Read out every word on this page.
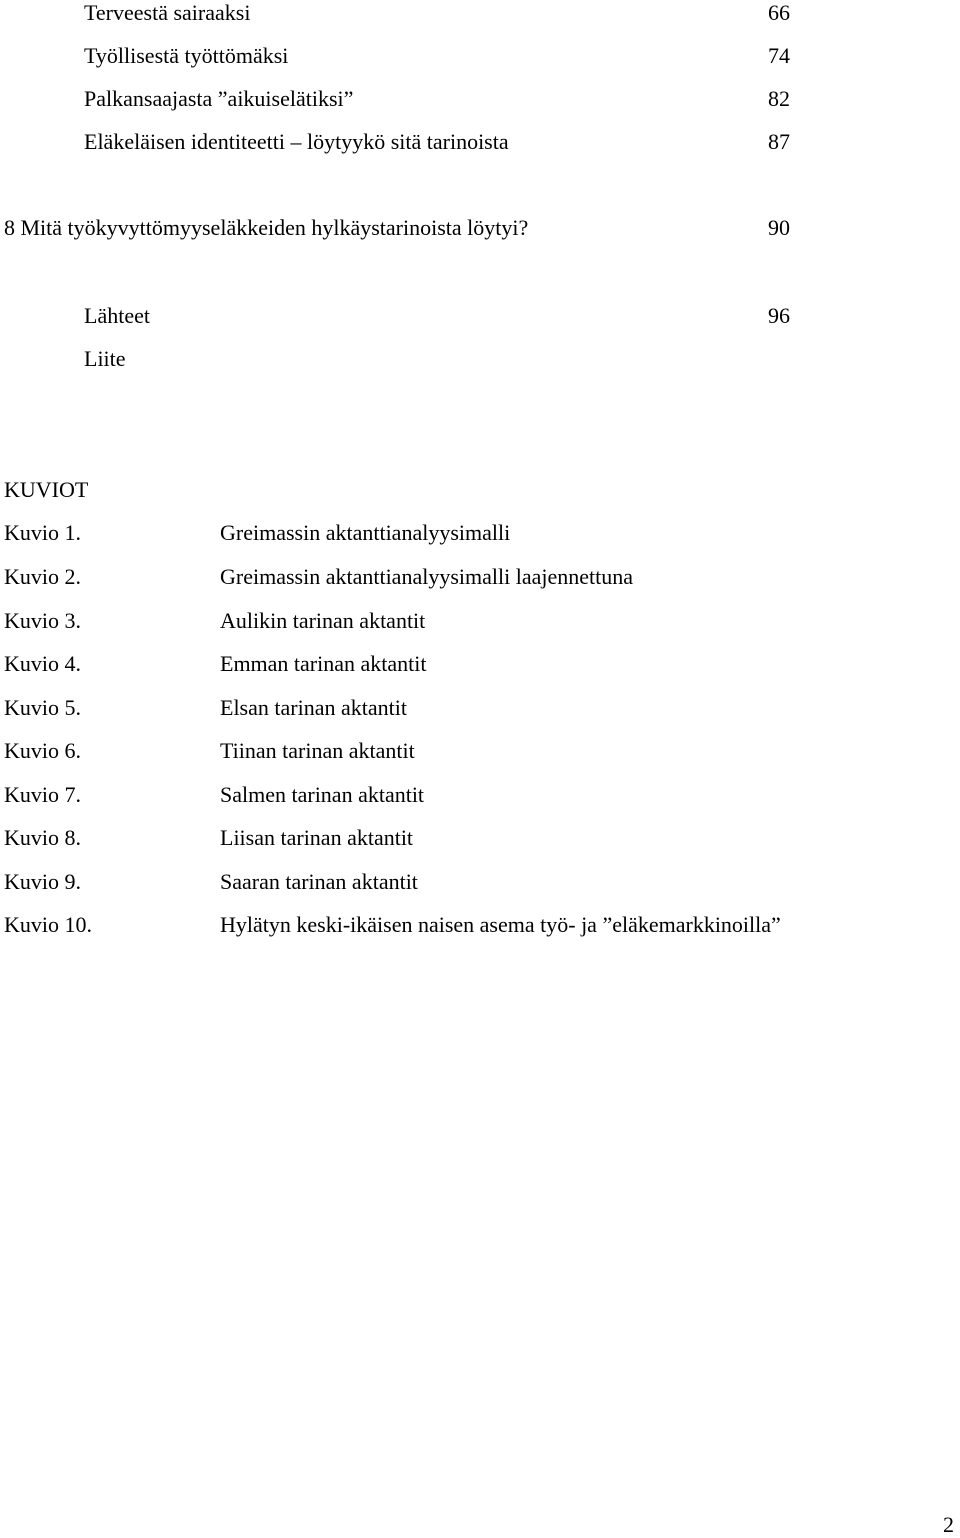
Terveestä sairaaksi	66
Työllisestä työttömäksi	74
Palkansaajasta ”aikuiselätiksi”	82
Eläkeläisen identiteetti – löytyykö sitä tarinoista	87
8 Mitä työkyvyttömyyseläkkeiden hylkäystarinoista löytyi?	90
Lähteet	96
Liite
KUVIOT
Kuvio 1.	Greimassin aktanttianalyysimalli
Kuvio 2.	Greimassin aktanttianalyysimalli laajennettuna
Kuvio 3.	Aulikin tarinan aktantit
Kuvio 4.	Emman tarinan aktantit
Kuvio 5.	Elsan tarinan aktantit
Kuvio 6.	Tiinan tarinan aktantit
Kuvio 7.	Salmen tarinan aktantit
Kuvio 8.	Liisan tarinan aktantit
Kuvio 9.	Saaran tarinan aktantit
Kuvio 10.	Hylätyn keski-ikäisen naisen asema työ- ja ”eläkemarkkinoilla”
2
